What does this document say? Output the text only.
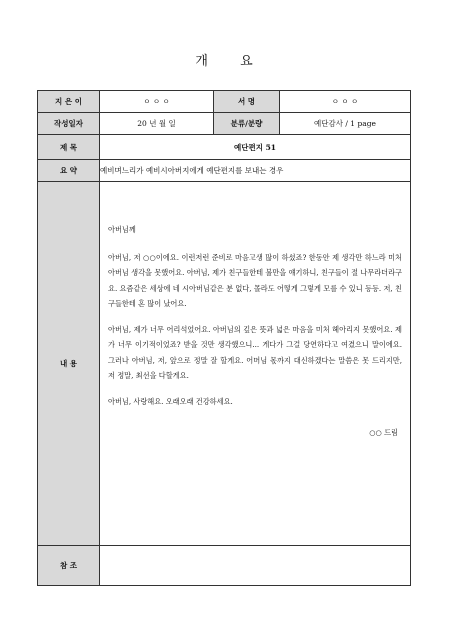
개 요
지 은 이	ㅇ ㅇ ㅇ	서 명	ㅇ ㅇ ㅇ
작성일자	20 년 월 일	분류/분량	예단감사 / 1 page
제 목	예단편지 51		
요 약	예비며느리가 예비시아버지에게 예단편지를 보내는 경우		
내 용	아버님께

아버님, 저 ○○이에요. 이런저런 준비로 마음고생 많이 하셨죠? 한동안 제 생각만 하느라 미처 아버님 생각을 못했어요. 아버님, 제가 친구들한테 불만을 얘기하니, 친구들이 절 나무라더라구요. 요즘같은 세상에 네 시아버님같은 분 없다, 몰라도 어떻게 그렇게 모를 수 있니 등등. 저, 친구들한테 혼 많이 났어요.

아버님, 제가 너무 어리석었어요. 아버님의 깊은 뜻과 넓은 마음을 미처 헤아리지 못했어요. 제가 너무 이기적이었죠? 받을 것만 생각했으니... 게다가 그걸 당연하다고 여겼으니 말이에요. 그러나 아버님, 저, 앞으로 정말 잘 할게요. 어머님 몫까지 대신하겠다는 말씀은 못 드리지만, 저 정말, 최선을 다할게요.

아버님, 사랑해요. 오래오래 건강하세요.

○○ 드림		

참 조			
